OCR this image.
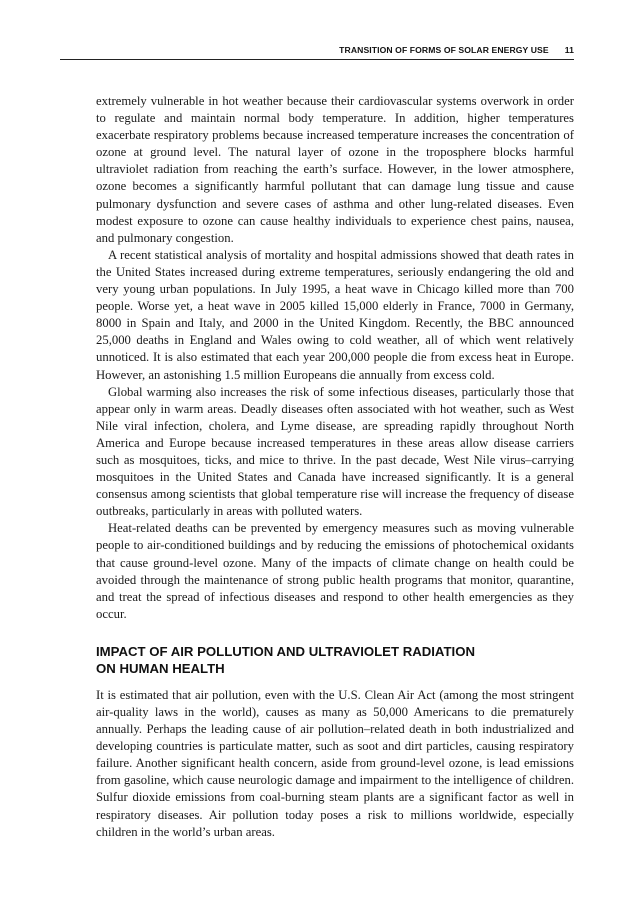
TRANSITION OF FORMS OF SOLAR ENERGY USE 11

extremely vulnerable in hot weather because their cardiovascular systems overwork in order to regulate and maintain normal body temperature. In addition, higher temperatures exacerbate respiratory problems because increased temperature increases the concentration of ozone at ground level. The natural layer of ozone in the troposphere blocks harmful ultraviolet radiation from reaching the earth’s surface. However, in the lower atmosphere, ozone becomes a significantly harmful pollutant that can damage lung tissue and cause pulmonary dysfunction and severe cases of asthma and other lung-related diseases. Even modest exposure to ozone can cause healthy individuals to experience chest pains, nausea, and pulmonary congestion.

A recent statistical analysis of mortality and hospital admissions showed that death rates in the United States increased during extreme temperatures, seriously endangering the old and very young urban populations. In July 1995, a heat wave in Chicago killed more than 700 people. Worse yet, a heat wave in 2005 killed 15,000 elderly in France, 7000 in Germany, 8000 in Spain and Italy, and 2000 in the United Kingdom. Recently, the BBC announced 25,000 deaths in England and Wales owing to cold weather, all of which went relatively unnoticed. It is also estimated that each year 200,000 people die from excess heat in Europe. However, an astonishing 1.5 million Europeans die annually from excess cold.

Global warming also increases the risk of some infectious diseases, particularly those that appear only in warm areas. Deadly diseases often associated with hot weather, such as West Nile viral infection, cholera, and Lyme disease, are spreading rapidly throughout North America and Europe because increased temperatures in these areas allow disease carriers such as mosquitoes, ticks, and mice to thrive. In the past decade, West Nile virus–carrying mosquitoes in the United States and Canada have increased significantly. It is a general consensus among scientists that global temperature rise will increase the frequency of disease outbreaks, particularly in areas with polluted waters.

Heat-related deaths can be prevented by emergency measures such as moving vulnerable people to air-conditioned buildings and by reducing the emissions of photochemical oxidants that cause ground-level ozone. Many of the impacts of climate change on health could be avoided through the maintenance of strong public health programs that monitor, quarantine, and treat the spread of infectious diseases and respond to other health emergencies as they occur.

IMPACT OF AIR POLLUTION AND ULTRAVIOLET RADIATION
ON HUMAN HEALTH

It is estimated that air pollution, even with the U.S. Clean Air Act (among the most stringent air-quality laws in the world), causes as many as 50,000 Americans to die prematurely annually. Perhaps the leading cause of air pollution–related death in both industrialized and developing countries is particulate matter, such as soot and dirt particles, causing respiratory failure. Another significant health concern, aside from ground-level ozone, is lead emissions from gasoline, which cause neurologic damage and impairment to the intelligence of children. Sulfur dioxide emissions from coal-burning steam plants are a significant factor as well in respiratory diseases. Air pollution today poses a risk to millions worldwide, especially children in the world’s urban areas.
